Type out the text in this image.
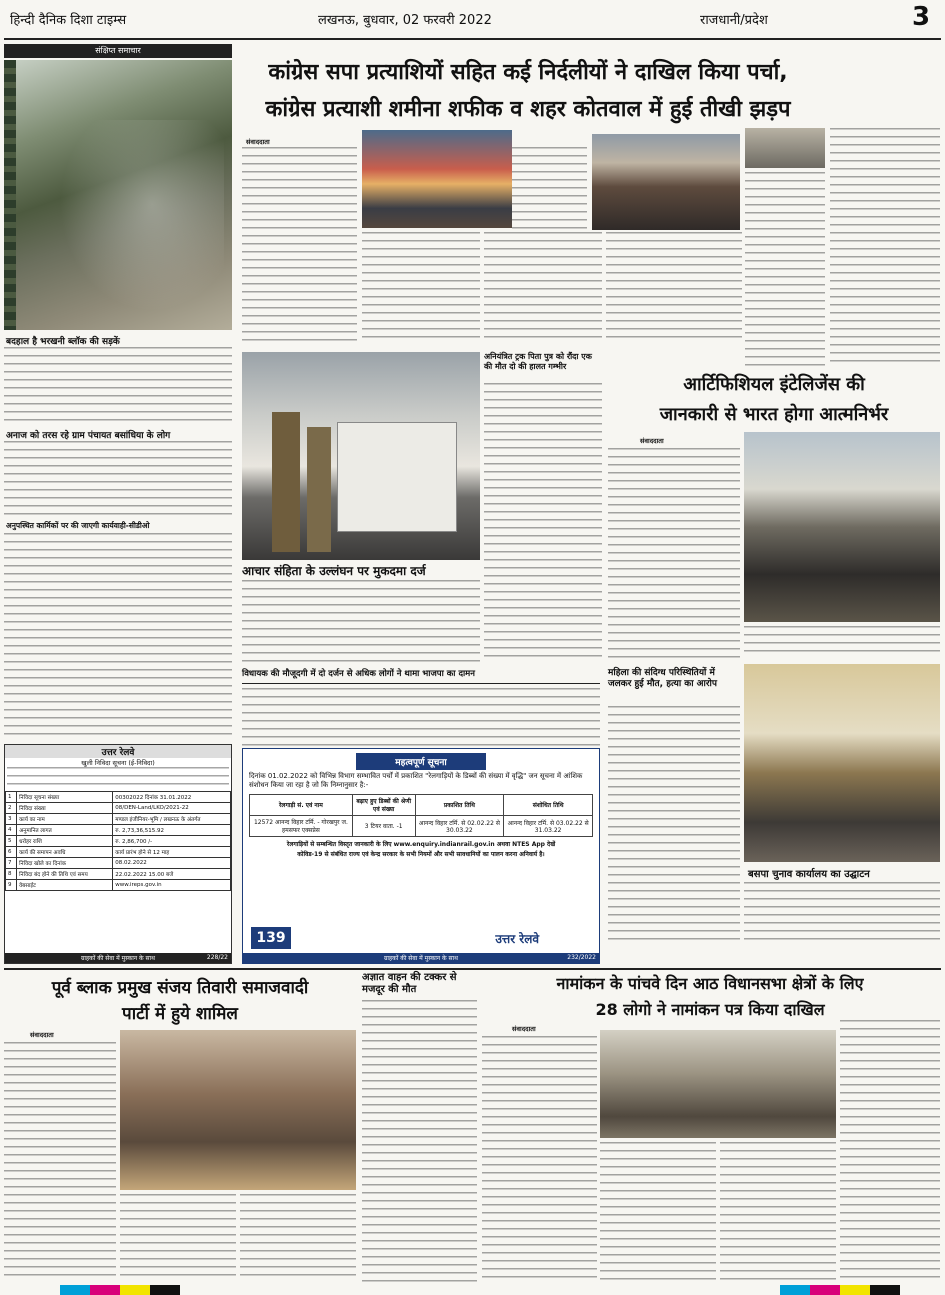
हिन्दी दैनिक दिशा टाइम्स	लखनऊ, बुधवार, 02 फरवरी 2022	राजधानी/प्रदेश	3
संक्षिप्त समाचार
बदहाल है भरखनी ब्लॉक की सड़कें
अनाज को तरस रहे ग्राम पंचायत बसांधिया के लोग
अनुपस्थित कार्मिकों पर की जाएगी कार्यवाही-सीडीओ
उत्तर रेलवे
खुली निविदा सूचना (ई-निविदा)
1	निविदा सूचना संख्या	00302022 दिनांक 31.01.2022
2	निविदा संख्या	08/DEN-Land/LKO/2021-22
3	कार्य का नाम	मण्डल इंजीनियर-भूमि / लखनऊ के अंतर्गत
4	अनुमानित लागत	रु. 2,73,36,515.92
5	धरोहर राशि	रु. 2,86,700 /-
6	कार्य की समापन अवधि	कार्य प्रारंभ होने से 12 माह
7	निविदा खोले का दिनांक	08.02.2022
8	निविदा बंद होने की तिथि एवं समय	22.02.2022 15.00 बजे
9	वेबसाईट	www.ireps.gov.in
ग्राहकों की सेवा में मुस्कान के साथ	228/22
कांग्रेस सपा प्रत्याशियों सहित कई निर्दलीयों ने दाखिल किया पर्चा,
कांग्रेस प्रत्याशी शमीना शफीक व शहर कोतवाल में हुई तीखी झड़प
संवाददाता
आचार संहिता के उल्लंघन पर मुकदमा दर्ज
अनियंत्रित ट्रक पिता पुत्र को रौंदा एक की मौत दो की हालत गम्भीर
आर्टिफिशियल इंटेलिजेंस की
जानकारी से भारत होगा आत्मनिर्भर
संवाददाता
विधायक की मौजूदगी में दो दर्जन से अधिक लोगों ने थामा भाजपा का दामन	महिला की संदिग्ध परिस्थितियों में जलकर हुई मौत, हत्या का आरोप
बसपा चुनाव कार्यालय का उद्घाटन
महत्वपूर्ण सूचना
दिनांक 01.02.2022 को विभिन्न विभाग सम्भावित पर्चों में प्रकाशित "रेलगाड़ियों के डिब्बों की संख्या में वृद्धि" जन सूचना में आंशिक संशोधन किया जा रहा है जो कि निम्नानुसार है:-
रेलगाड़ी सं. एवं नाम	बढ़ाए हुए डिब्बों की श्रेणी एवं संख्या	प्रकाशित तिथि	संशोधित तिथि
12572 आनन्द विहार टर्मि. - गोरखपुर ज. हमसफर एक्सप्रेस	3 टियर वाता. -1	आनन्द विहार टर्मि. से 02.02.22 से 30.03.22	आनन्द विहार टर्मि. से 03.02.22 से 31.03.22
रेलगाड़ियों से सम्बन्धित विस्तृत जानकारी के लिए www.enquiry.indianrail.gov.in अथवा NTES App देखें
कोविड-19 से संबंधित राज्य एवं केन्द्र सरकार के सभी नियमों और सभी सावधानियों का पालन करना अनिवार्य है।
139	उत्तर रेलवे
ग्राहकों की सेवा में मुस्कान के साथ	232/2022
पूर्व ब्लाक प्रमुख संजय तिवारी समाजवादी
पार्टी में हुये शामिल
संवाददाता
अज्ञात वाहन की टक्कर से मजदूर की मौत	नामांकन के पांचवे दिन आठ विधानसभा क्षेत्रों के लिए
28 लोगो ने नामांकन पत्र किया दाखिल
संवाददाता
